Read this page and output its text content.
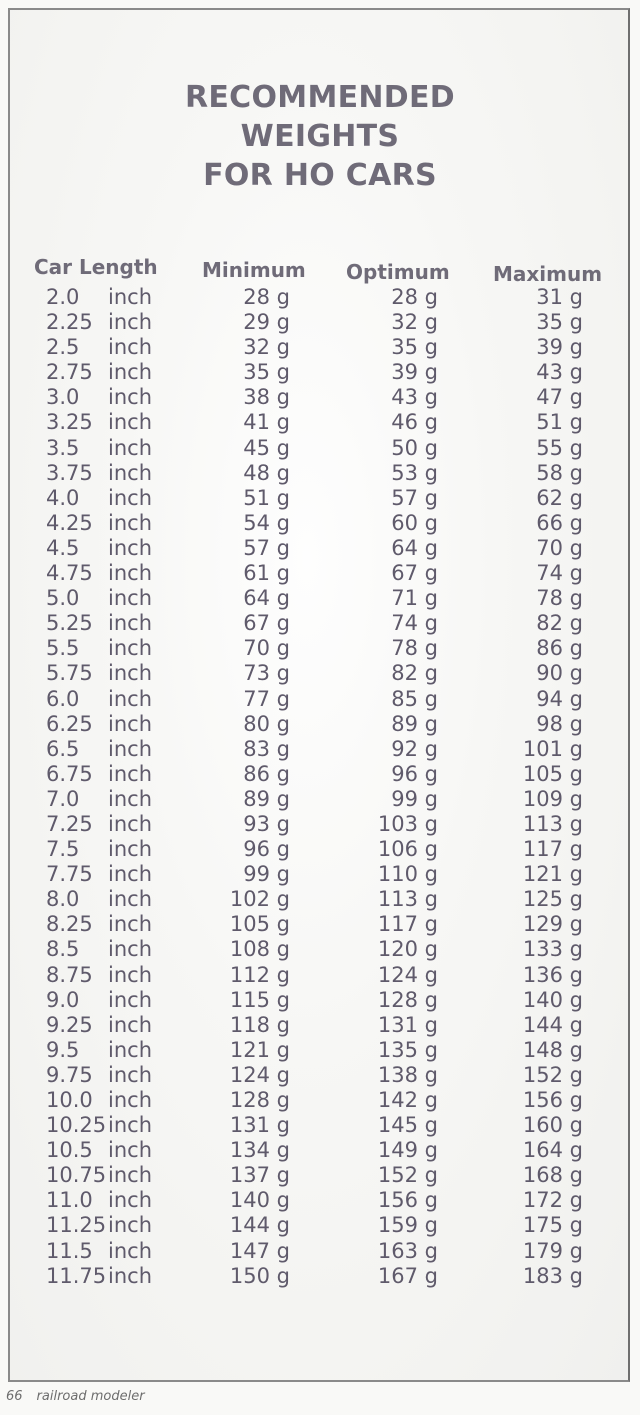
RECOMMENDED
WEIGHTS
FOR HO CARS
Car Length Minimum Optimum Maximum
2.0	inch	28 g	28 g	31 g
2.25 inch	29 g	32 g	35 g
2.5	inch	32 g	35 g	39 g
2.75 inch	35 g	39 g	43 g
3.0	inch	38 g	43 g	47 g
3.25 inch	41 g	46 g	51 g
3.5	inch	45 g	50 g	55 g
3.75 inch	48 g	53 g	58 g
4.0	inch	51 g	57 g	62 g
4.25 inch	54 g	60 g	66 g
4.5	inch	57 g	64 g	70 g
4.75 inch	61 g	67 g	74 g
5.0	inch	64 g	71 g	78 g
5.25 inch	67 g	74 g	82 g
5.5	inch	70 g	78 g	86 g
5.75 inch	73 g	82 g	90 g
6.0	inch	77 g	85 g	94 g
6.25 inch	80 g	89 g	98 g
6.5	inch	83 g	92 g	101 g
6.75 inch	86 g	96 g	105 g
7.0	inch	89 g	99 g	109 g
7.25 inch	93 g	103 g	113 g
7.5	inch	96 g	106 g	117 g
7.75 inch	99 g	110 g	121 g
8.0	inch	102 g	113 g	125 g
8.25 inch	105 g	117 g	129 g
8.5	inch	108 g	120 g	133 g
8.75 inch	112 g	124 g	136 g
9.0	inch	115 g	128 g	140 g
9.25 inch	118 g	131 g	144 g
9.5	inch	121 g	135 g	148 g
9.75 inch	124 g	138 g	152 g
10.0 inch	128 g	142 g	156 g
10.25 inch	131 g	145 g	160 g
10.5 inch	134 g	149 g	164 g
10.75 inch	137 g	152 g	168 g
11.0 inch	140 g	156 g	172 g
11.25 inch	144 g	159 g	175 g
11.5 inch	147 g	163 g	179 g
11.75 inch	150 g	167 g	183 g
66 railroad modeler
